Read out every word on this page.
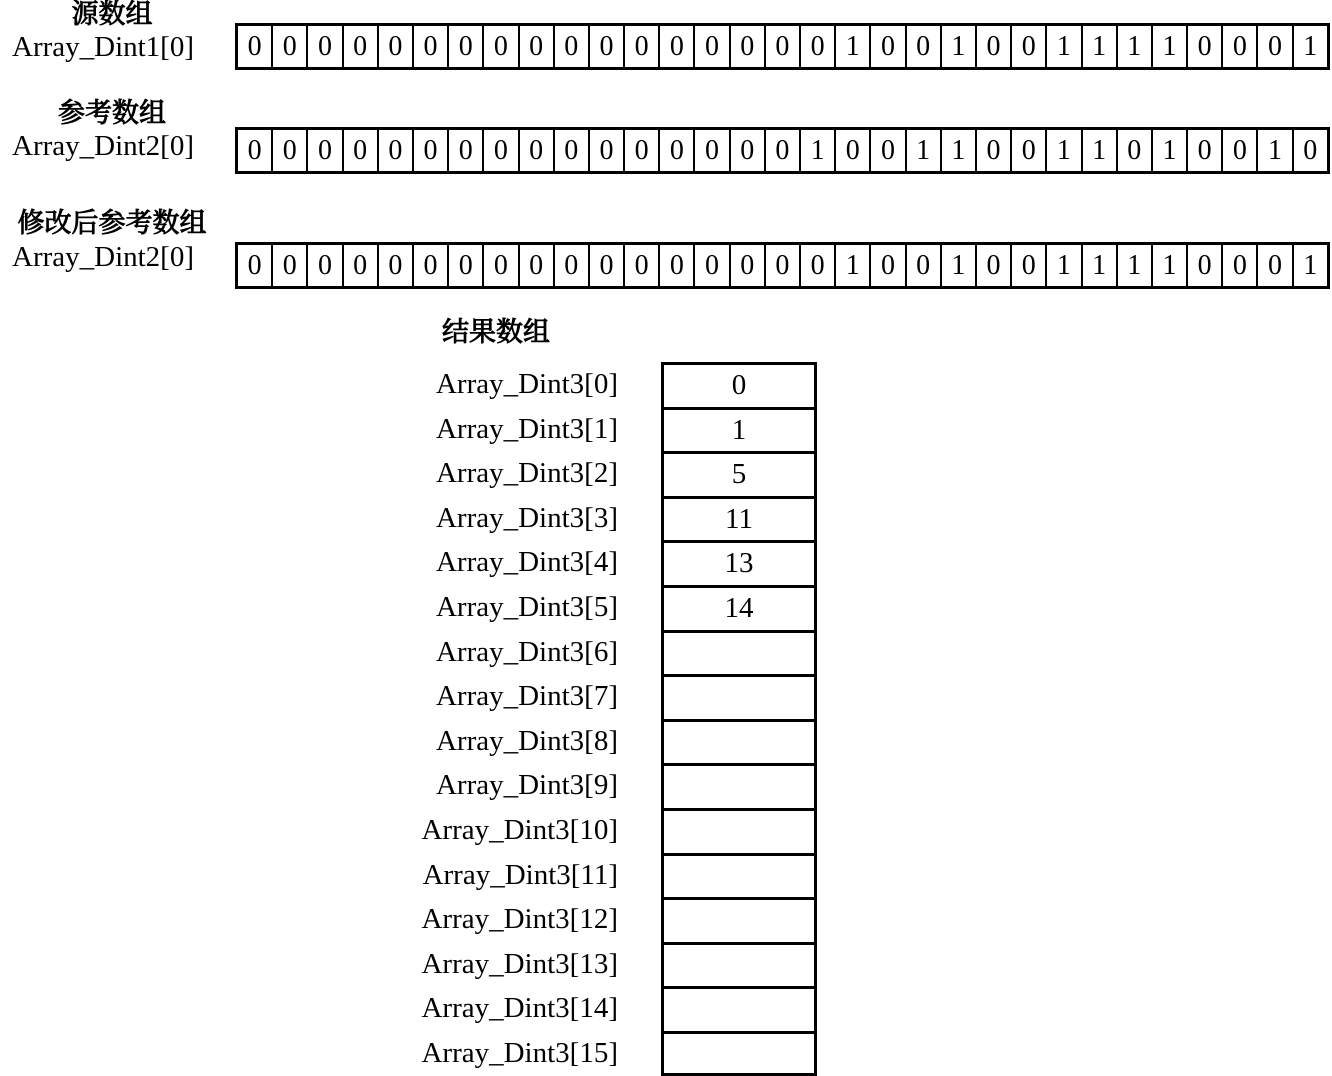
源数组
Array_Dint1[0]	0 0 0 0 0 0 0 0 0 0 0 0 0 0 0 0 0 1 0 0 1 0 0 1 1 1 1 0 0 0 1
参考数组
Array_Dint2[0]	0 0 0 0 0 0 0 0 0 0 0 0 0 0 0 0 1 0 0 1 1 0 0 1 1 0 1 0 0 1 0
修改后参考数组
Array_Dint2[0]	0 0 0 0 0 0 0 0 0 0 0 0 0 0 0 0 0 1 0 0 1 0 0 1 1 1 1 0 0 0 1
结果数组
Array_Dint3[0]	0
Array_Dint3[1]	1
Array_Dint3[2]	5
Array_Dint3[3]	11
Array_Dint3[4]	13
Array_Dint3[5]	14
Array_Dint3[6]
Array_Dint3[7]
Array_Dint3[8]
Array_Dint3[9]
Array_Dint3[10]
Array_Dint3[11]
Array_Dint3[12]
Array_Dint3[13]
Array_Dint3[14]
Array_Dint3[15]
